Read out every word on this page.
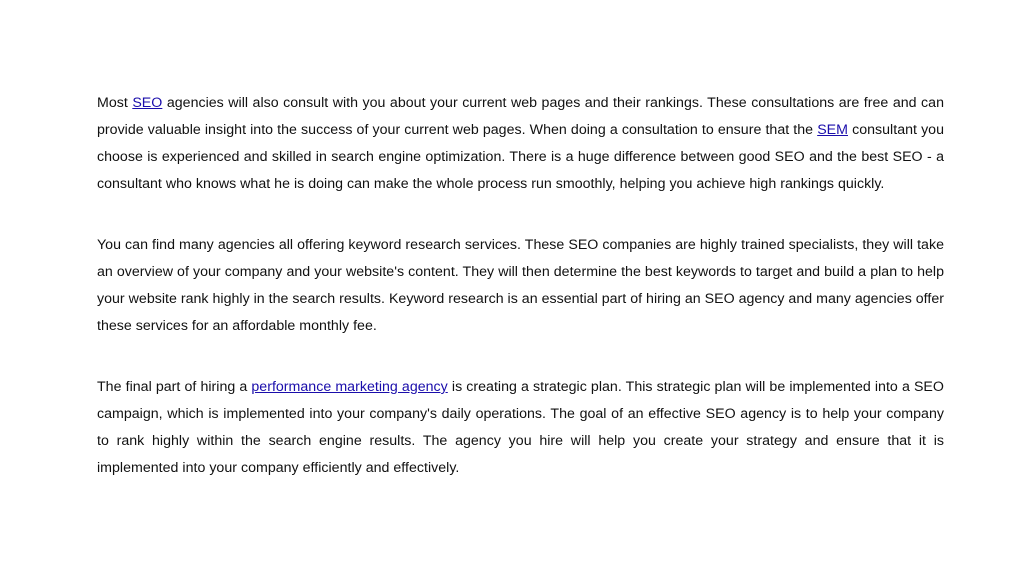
Most SEO agencies will also consult with you about your current web pages and their rankings. These consultations are free and can provide valuable insight into the success of your current web pages. When doing a consultation to ensure that the SEM consultant you choose is experienced and skilled in search engine optimization. There is a huge difference between good SEO and the best SEO - a consultant who knows what he is doing can make the whole process run smoothly, helping you achieve high rankings quickly.

You can find many agencies all offering keyword research services. These SEO companies are highly trained specialists, they will take an overview of your company and your website's content. They will then determine the best keywords to target and build a plan to help your website rank highly in the search results. Keyword research is an essential part of hiring an SEO agency and many agencies offer these services for an affordable monthly fee.

The final part of hiring a performance marketing agency is creating a strategic plan. This strategic plan will be implemented into a SEO campaign, which is implemented into your company's daily operations. The goal of an effective SEO agency is to help your company to rank highly within the search engine results. The agency you hire will help you create your strategy and ensure that it is implemented into your company efficiently and effectively.
